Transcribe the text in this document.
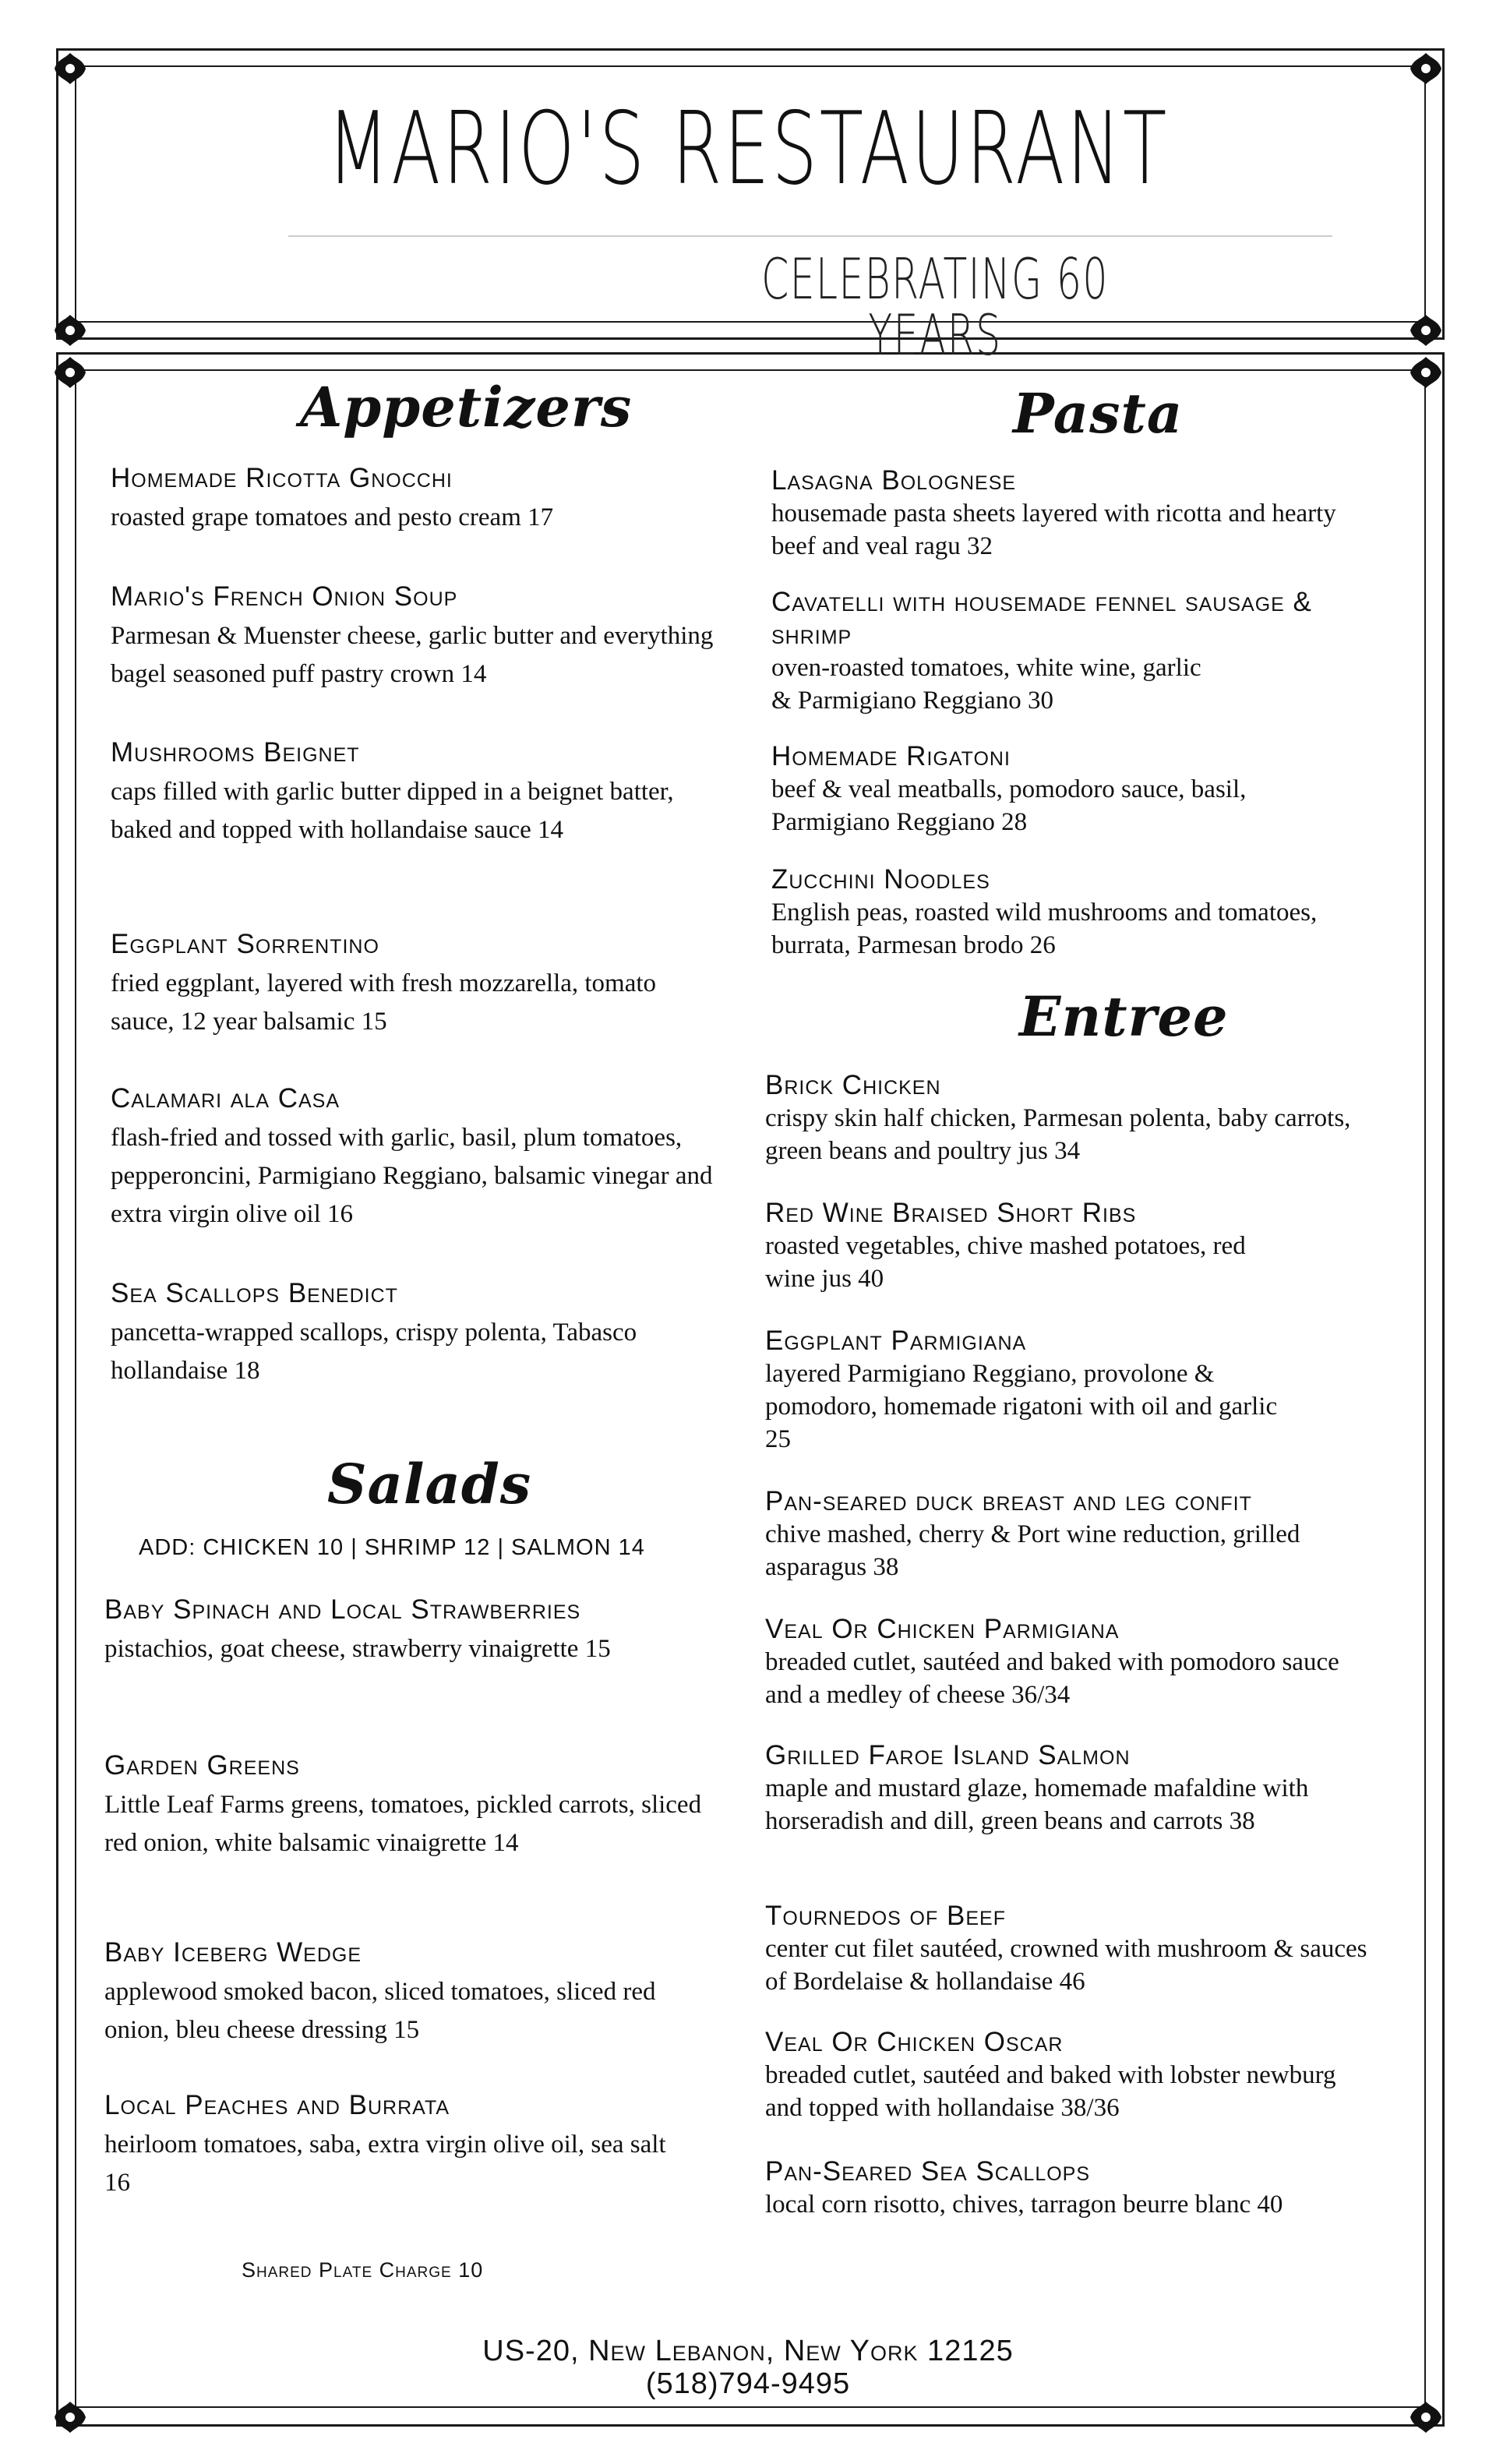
MARIO'S RESTAURANT
CELEBRATING 60 YEARS
Appetizers
Homemade Ricotta Gnocchi
roasted grape tomatoes and pesto cream 17
Mario's French Onion Soup
Parmesan & Muenster cheese, garlic butter and everything bagel seasoned puff pastry crown 14
Mushrooms Beignet
caps filled with garlic butter dipped in a beignet batter, baked and topped with hollandaise sauce 14
Eggplant Sorrentino
fried eggplant, layered with fresh mozzarella, tomato sauce, 12 year balsamic 15
Calamari ala Casa
flash-fried and tossed with garlic, basil, plum tomatoes, pepperoncini, Parmigiano Reggiano, balsamic vinegar and extra virgin olive oil 16
Sea Scallops Benedict
pancetta-wrapped scallops, crispy polenta, Tabasco hollandaise 18
Salads
ADD: CHICKEN 10 | SHRIMP 12 | SALMON 14
Baby Spinach and Local Strawberries
pistachios, goat cheese, strawberry vinaigrette 15
Garden Greens
Little Leaf Farms greens, tomatoes, pickled carrots, sliced red onion, white balsamic vinaigrette 14
Baby Iceberg Wedge
applewood smoked bacon, sliced tomatoes, sliced red onion, bleu cheese dressing 15
Local Peaches and Burrata
heirloom tomatoes, saba, extra virgin olive oil, sea salt 16
Shared Plate Charge 10
Pasta
Lasagna Bolognese
housemade pasta sheets layered with ricotta and hearty beef and veal ragu 32
Cavatelli with housemade fennel sausage & shrimp
oven-roasted tomatoes, white wine, garlic & Parmigiano Reggiano 30
Homemade Rigatoni
beef & veal meatballs, pomodoro sauce, basil, Parmigiano Reggiano 28
Zucchini Noodles
English peas, roasted wild mushrooms and tomatoes, burrata, Parmesan brodo 26
Entree
Brick Chicken
crispy skin half chicken, Parmesan polenta, baby carrots, green beans and poultry jus 34
Red Wine Braised Short Ribs
roasted vegetables, chive mashed potatoes, red wine jus 40
Eggplant Parmigiana
layered Parmigiano Reggiano, provolone & pomodoro, homemade rigatoni with oil and garlic 25
Pan-seared duck breast and leg confit
chive mashed, cherry & Port wine reduction, grilled asparagus 38
Veal Or Chicken Parmigiana
breaded cutlet, sautéed and baked with pomodoro sauce and a medley of cheese 36/34
Grilled Faroe Island Salmon
maple and mustard glaze, homemade mafaldine with horseradish and dill, green beans and carrots 38
Tournedos of Beef
center cut filet sautéed, crowned with mushroom & sauces of Bordelaise & hollandaise 46
Veal Or Chicken Oscar
breaded cutlet, sautéed and baked with lobster newburg and topped with hollandaise 38/36
Pan-Seared Sea Scallops
local corn risotto, chives, tarragon beurre blanc 40
US-20, New Lebanon, New York 12125
(518)794-9495
